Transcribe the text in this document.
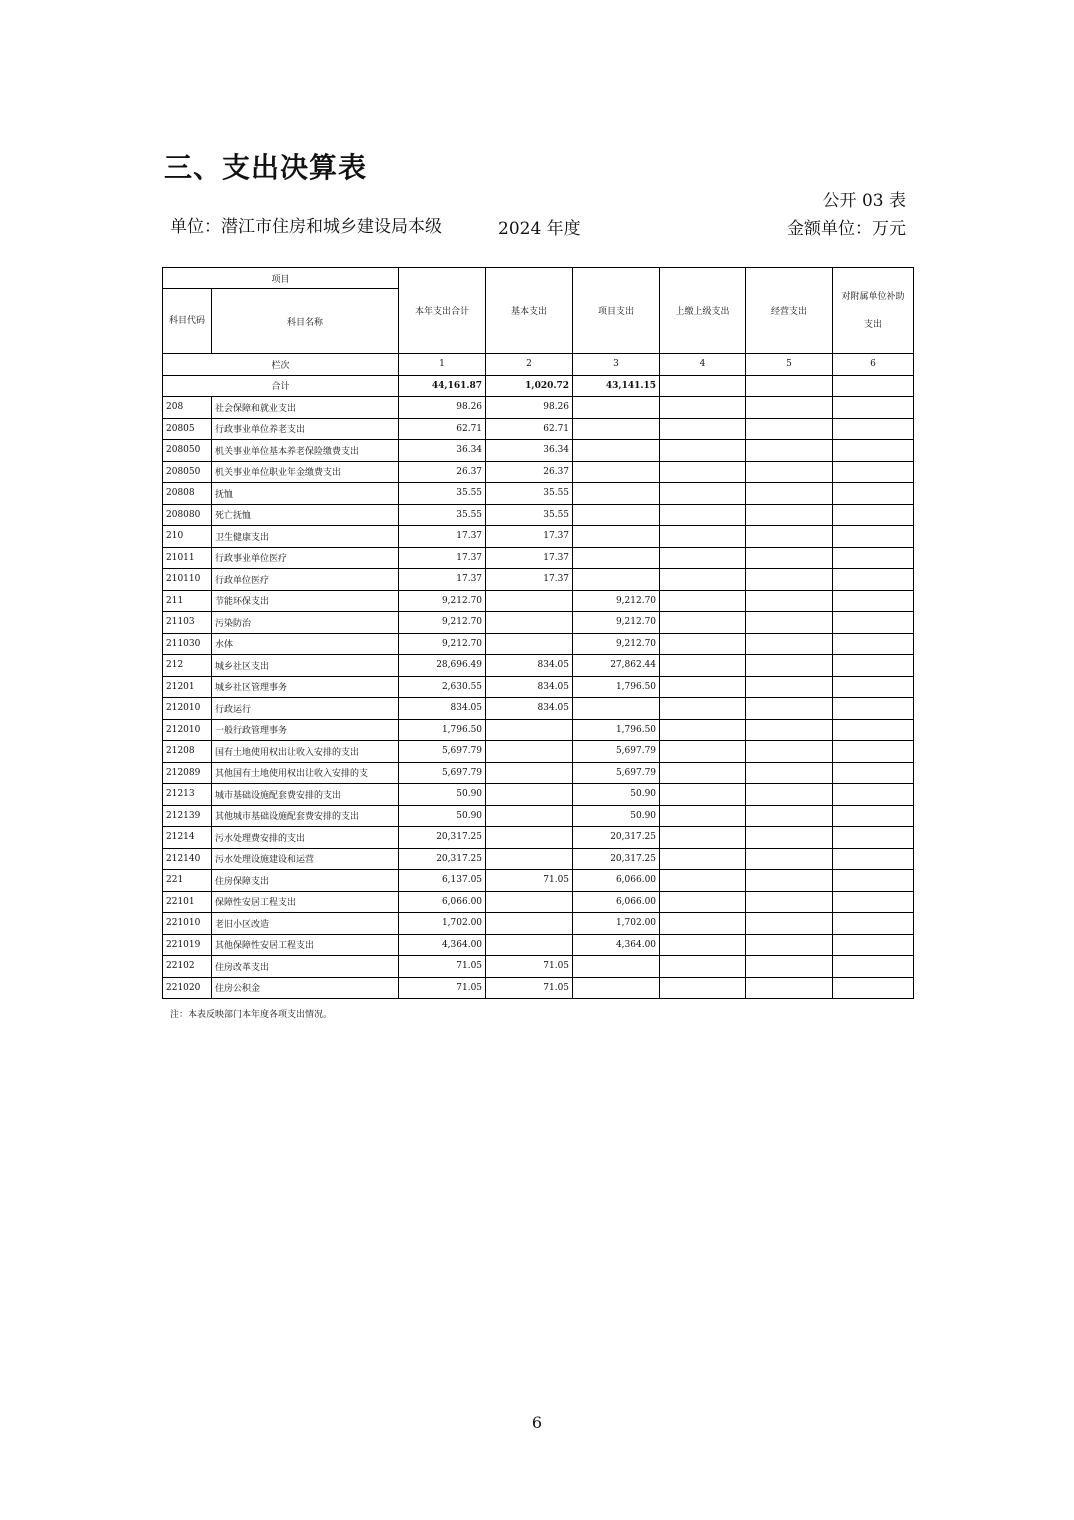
三、支出决算表
公开 03 表
单位：潜江市住房和城乡建设局本级	2024 年度	金额单位：万元
项目		本年支出合计	基本支出	项目支出	上缴上级支出	经营支出	对附属单位补助支出
科目代码	科目名称						
栏次		1	2	3	4	5	6
合计		44,161.87	1,020.72	43,141.15			
208	社会保障和就业支出	98.26	98.26				
20805	行政事业单位养老支出	62.71	62.71				
208050	机关事业单位基本养老保险缴费支出	36.34	36.34				
208050	机关事业单位职业年金缴费支出	26.37	26.37				
20808	抚恤	35.55	35.55				
208080	死亡抚恤	35.55	35.55				
210	卫生健康支出	17.37	17.37				
21011	行政事业单位医疗	17.37	17.37				
210110	行政单位医疗	17.37	17.37				
211	节能环保支出	9,212.70		9,212.70			
21103	污染防治	9,212.70		9,212.70			
211030	水体	9,212.70		9,212.70			
212	城乡社区支出	28,696.49	834.05	27,862.44			
21201	城乡社区管理事务	2,630.55	834.05	1,796.50			
212010	行政运行	834.05	834.05				
212010	一般行政管理事务	1,796.50		1,796.50			
21208	国有土地使用权出让收入安排的支出	5,697.79		5,697.79			
212089	其他国有土地使用权出让收入安排的支	5,697.79		5,697.79			
21213	城市基础设施配套费安排的支出	50.90		50.90			
212139	其他城市基础设施配套费安排的支出	50.90		50.90			
21214	污水处理费安排的支出	20,317.25		20,317.25			
212140	污水处理设施建设和运营	20,317.25		20,317.25			
221	住房保障支出	6,137.05	71.05	6,066.00			
22101	保障性安居工程支出	6,066.00		6,066.00			
221010	老旧小区改造	1,702.00		1,702.00			
221019	其他保障性安居工程支出	4,364.00		4,364.00			
22102	住房改革支出	71.05	71.05				
221020	住房公积金	71.05	71.05				
注：本表反映部门本年度各项支出情况。
6
